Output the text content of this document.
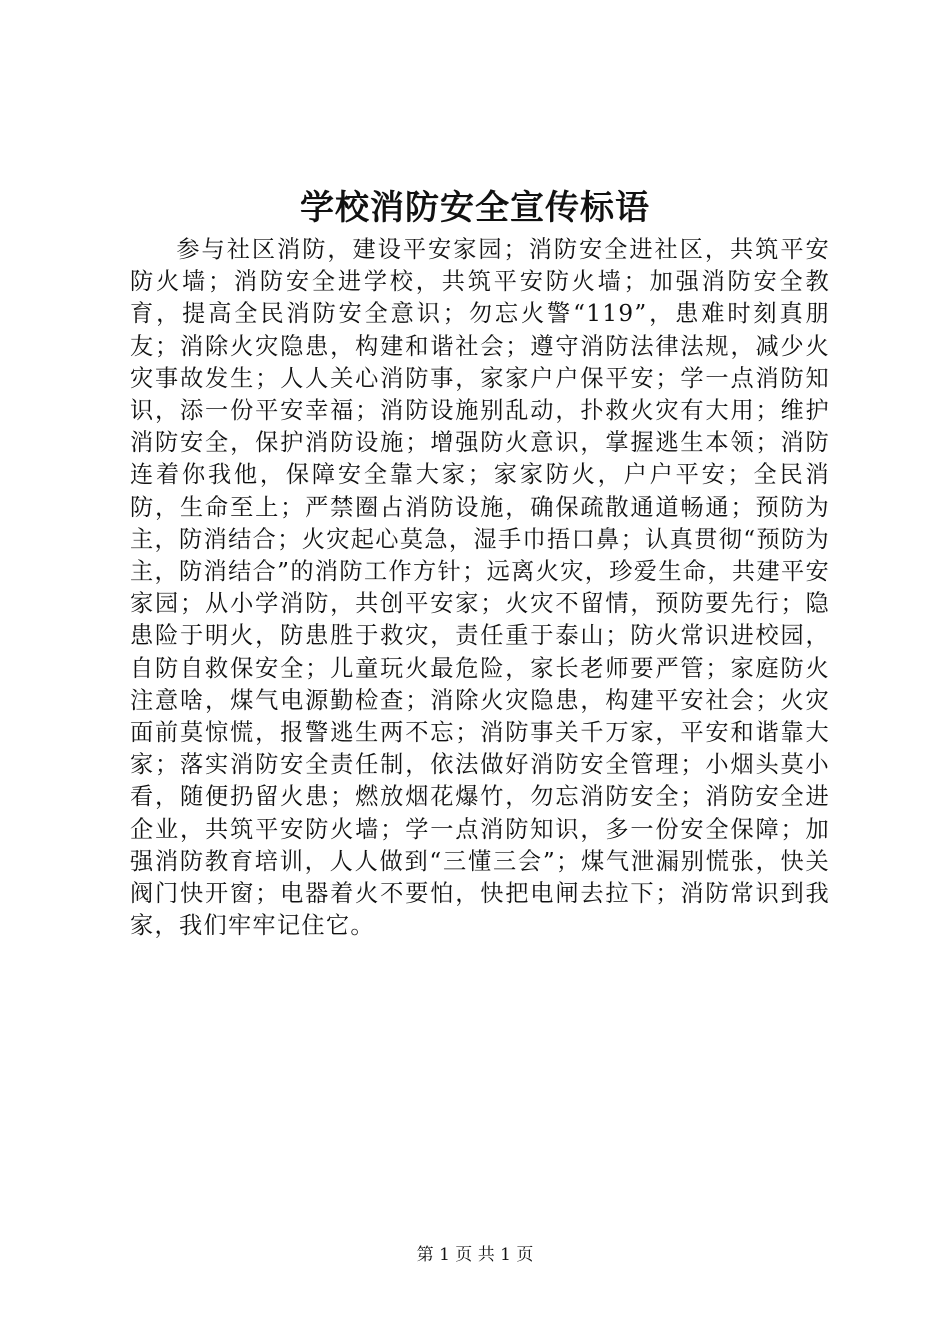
学校消防安全宣传标语

参与社区消防，建设平安家园；消防安全进社区，共筑平安防火墙；消防安全进学校，共筑平安防火墙；加强消防安全教育，提高全民消防安全意识；勿忘火警“119”，患难时刻真朋友；消除火灾隐患，构建和谐社会；遵守消防法律法规，减少火灾事故发生；人人关心消防事，家家户户保平安；学一点消防知识，添一份平安幸福；消防设施别乱动，扑救火灾有大用；维护消防安全，保护消防设施；增强防火意识，掌握逃生本领；消防连着你我他，保障安全靠大家；家家防火，户户平安；全民消防，生命至上；严禁圈占消防设施，确保疏散通道畅通；预防为主，防消结合；火灾起心莫急，湿手巾捂口鼻；认真贯彻“预防为主，防消结合”的消防工作方针；远离火灾，珍爱生命，共建平安家园；从小学消防，共创平安家；火灾不留情，预防要先行；隐患险于明火，防患胜于救灾，责任重于泰山；防火常识进校园，自防自救保安全；儿童玩火最危险，家长老师要严管；家庭防火注意啥，煤气电源勤检查；消除火灾隐患，构建平安社会；火灾面前莫惊慌，报警逃生两不忘；消防事关千万家，平安和谐靠大家；落实消防安全责任制，依法做好消防安全管理；小烟头莫小看，随便扔留火患；燃放烟花爆竹，勿忘消防安全；消防安全进企业，共筑平安防火墙；学一点消防知识，多一份安全保障；加强消防教育培训，人人做到“三懂三会”；煤气泄漏别慌张，快关阀门快开窗；电器着火不要怕，快把电闸去拉下；消防常识到我家，我们牢牢记住它。

第 1 页 共 1 页
